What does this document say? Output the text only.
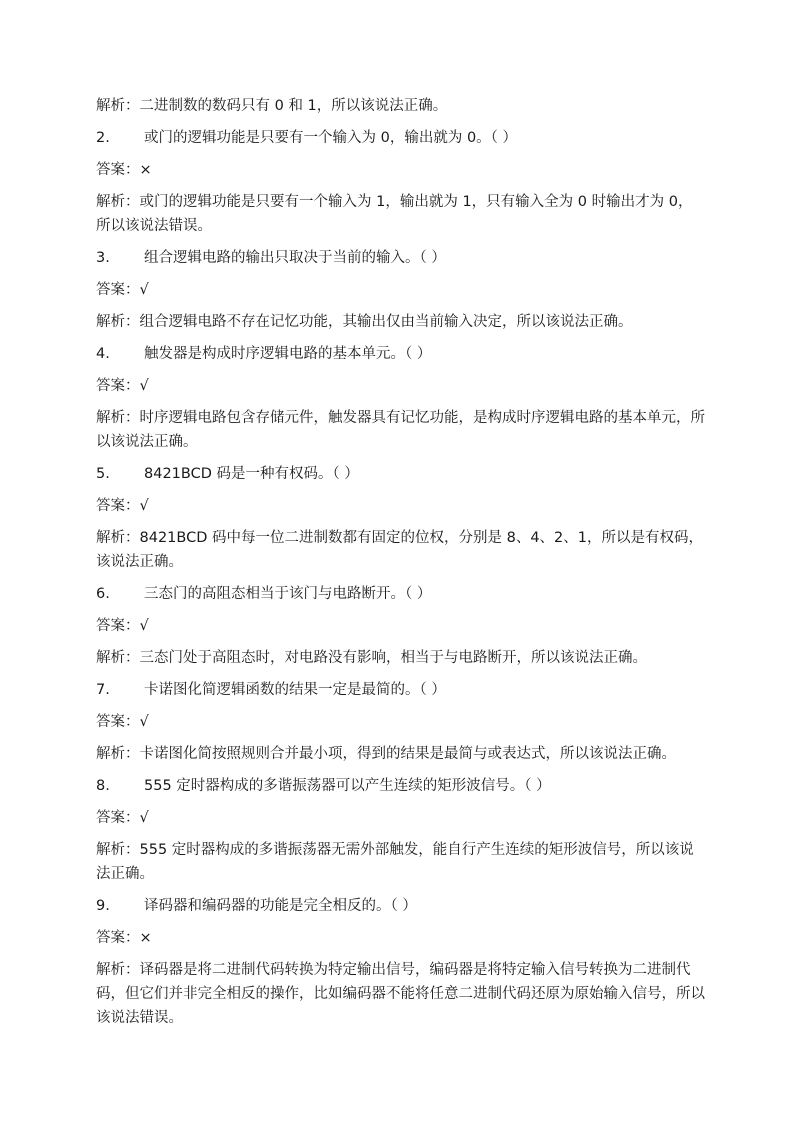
解析：二进制数的数码只有 0 和 1，所以该说法正确。

2.	或门的逻辑功能是只要有一个输入为 0，输出就为 0。（ ）

答案：×

解析：或门的逻辑功能是只要有一个输入为 1，输出就为 1，只有输入全为 0 时输出才为 0，所以该说法错误。

3.	组合逻辑电路的输出只取决于当前的输入。（ ）

答案：√

解析：组合逻辑电路不存在记忆功能，其输出仅由当前输入决定，所以该说法正确。

4.	触发器是构成时序逻辑电路的基本单元。（ ）

答案：√

解析：时序逻辑电路包含存储元件，触发器具有记忆功能，是构成时序逻辑电路的基本单元，所以该说法正确。

5.	8421BCD 码是一种有权码。（ ）

答案：√

解析：8421BCD 码中每一位二进制数都有固定的位权，分别是 8、4、2、1，所以是有权码，该说法正确。

6.	三态门的高阻态相当于该门与电路断开。（ ）

答案：√

解析：三态门处于高阻态时，对电路没有影响，相当于与电路断开，所以该说法正确。

7.	卡诺图化简逻辑函数的结果一定是最简的。（ ）

答案：√

解析：卡诺图化简按照规则合并最小项，得到的结果是最简与或表达式，所以该说法正确。

8.	555 定时器构成的多谐振荡器可以产生连续的矩形波信号。（ ）

答案：√

解析：555 定时器构成的多谐振荡器无需外部触发，能自行产生连续的矩形波信号，所以该说法正确。

9.	译码器和编码器的功能是完全相反的。（ ）

答案：×

解析：译码器是将二进制代码转换为特定输出信号，编码器是将特定输入信号转换为二进制代码，但它们并非完全相反的操作，比如编码器不能将任意二进制代码还原为原始输入信号，所以该说法错误。
